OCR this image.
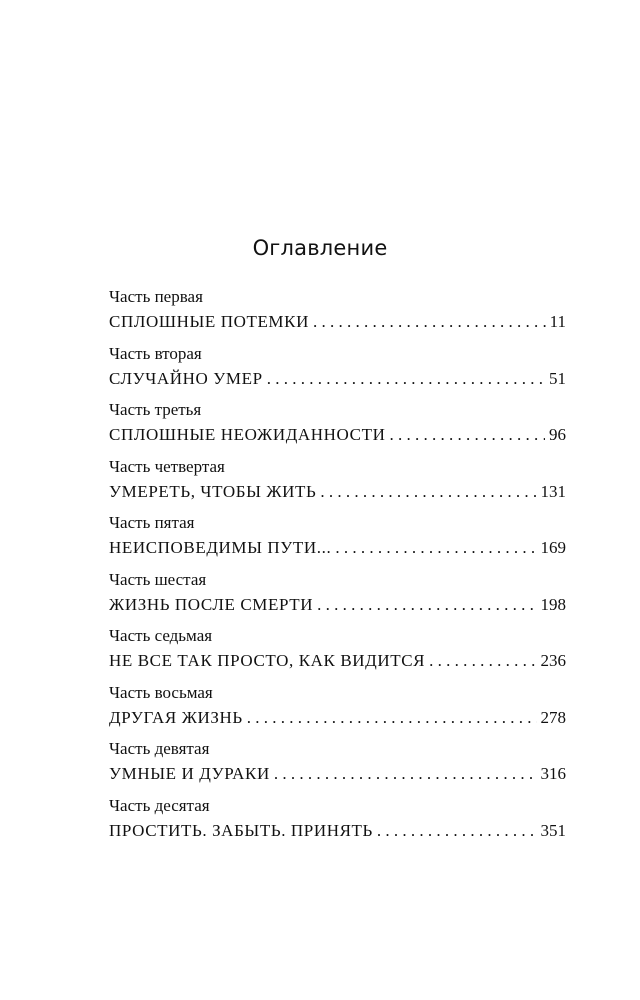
Оглавление
Часть первая
СПЛОШНЫЕ ПОТЕМКИ . . .	11
Часть вторая
СЛУЧАЙНО УМЕР . . .	51
Часть третья
СПЛОШНЫЕ НЕОЖИДАННОСТИ . . .	96
Часть четвертая
УМЕРЕТЬ, ЧТОБЫ ЖИТЬ . . .	131
Часть пятая
НЕИСПОВЕДИМЫ ПУТИ... . . .	169
Часть шестая
ЖИЗНЬ ПОСЛЕ СМЕРТИ . . .	198
Часть седьмая
НЕ ВСЕ ТАК ПРОСТО, КАК ВИДИТСЯ . . .	236
Часть восьмая
ДРУГАЯ ЖИЗНЬ . . .	278
Часть девятая
УМНЫЕ И ДУРАКИ . . .	316
Часть десятая
ПРОСТИТЬ. ЗАБЫТЬ. ПРИНЯТЬ . . .	351
